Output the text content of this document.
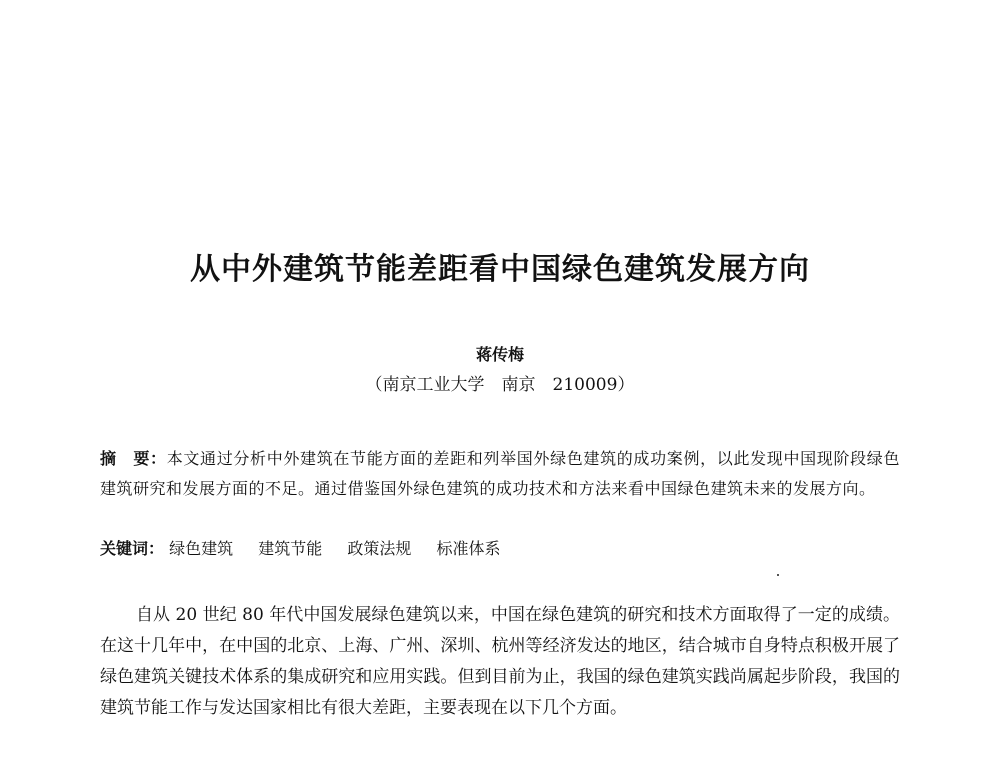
从中外建筑节能差距看中国绿色建筑发展方向
蒋传梅
（南京工业大学　南京　210009）
摘　要：本文通过分析中外建筑在节能方面的差距和列举国外绿色建筑的成功案例，以此发现中国现阶段绿色建筑研究和发展方面的不足。通过借鉴国外绿色建筑的成功技术和方法来看中国绿色建筑未来的发展方向。
关键词： 绿色建筑 建筑节能 政策法规 标准体系
自从 20 世纪 80 年代中国发展绿色建筑以来，中国在绿色建筑的研究和技术方面取得了一定的成绩。在这十几年中，在中国的北京、上海、广州、深圳、杭州等经济发达的地区，结合城市自身特点积极开展了绿色建筑关键技术体系的集成研究和应用实践。但到目前为止，我国的绿色建筑实践尚属起步阶段，我国的建筑节能工作与发达国家相比有很大差距，主要表现在以下几个方面。
